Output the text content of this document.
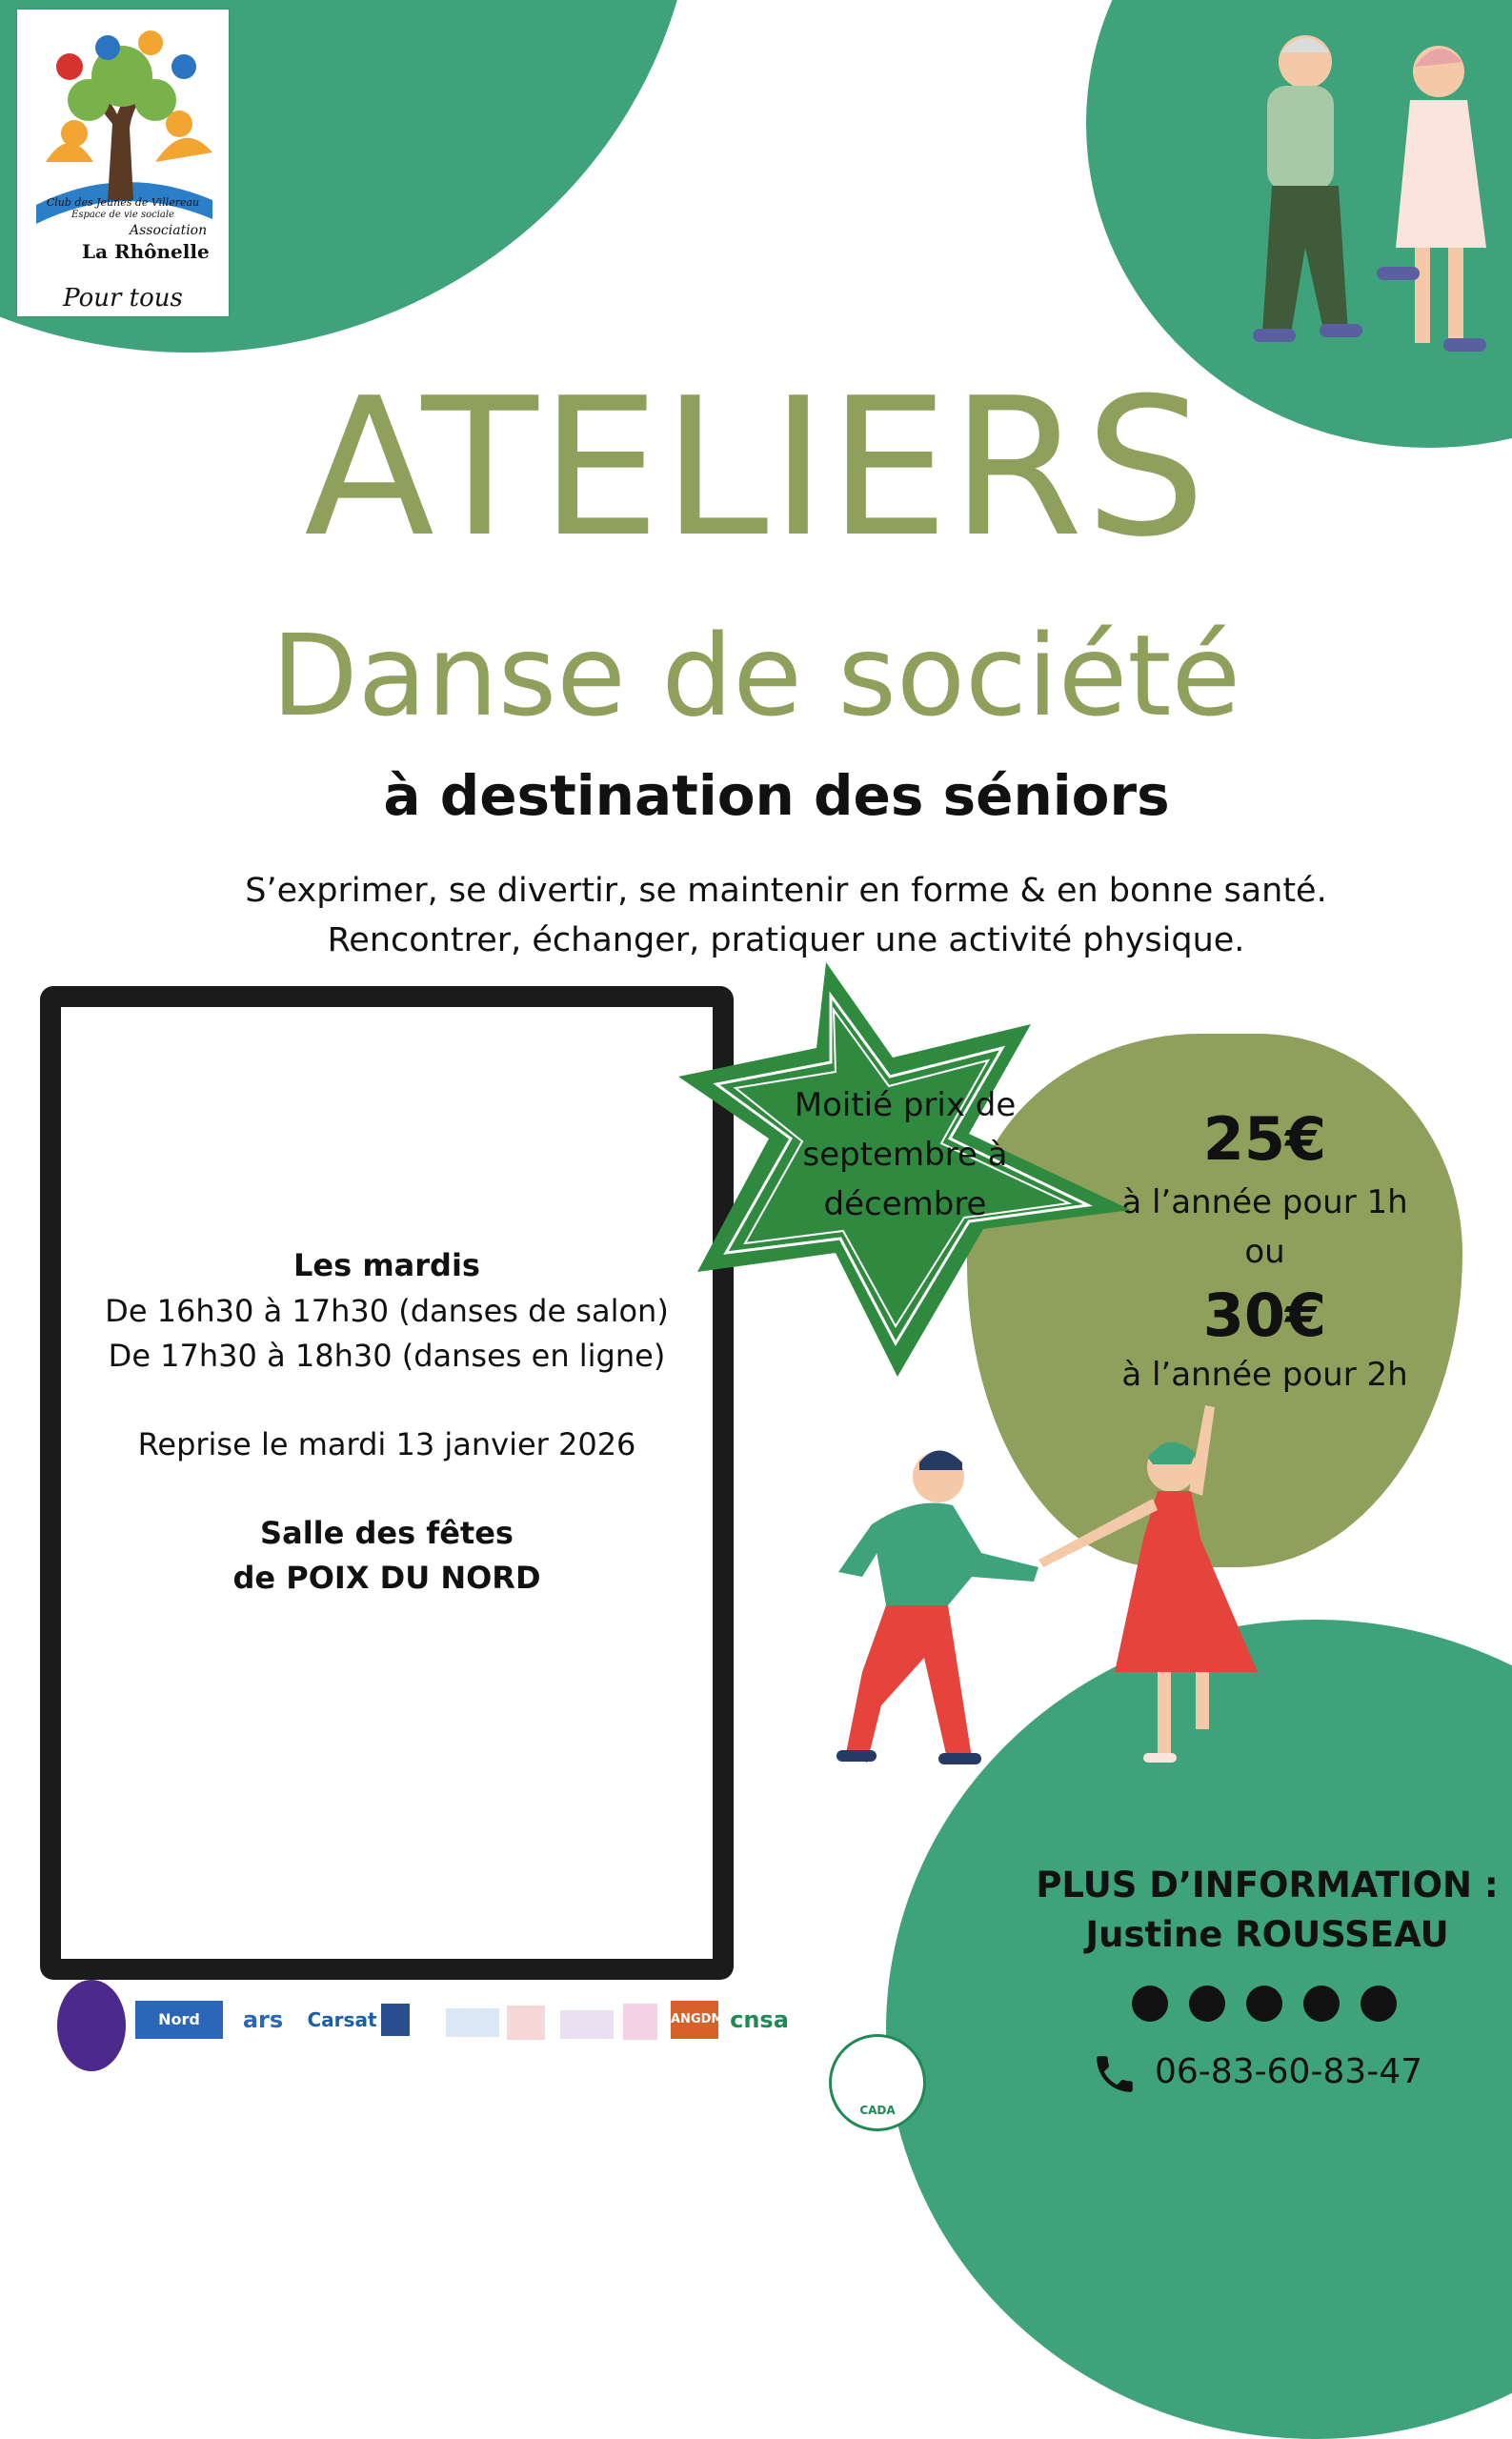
Club des Jeunes de Villereau
Espace de vie sociale
Association
La Rhônelle
Pour tous
ATELIERS
Danse de société
à destination des séniors
S’exprimer, se divertir, se maintenir en forme & en bonne santé.
Rencontrer, échanger, pratiquer une activité physique.
Les mardis
De 16h30 à 17h30 (danses de salon)
De 17h30 à 18h30 (danses en ligne)
Reprise le mardi 13 janvier 2026
Salle des fêtes
de POIX DU NORD
25€
à l’année pour 1h
ou
30€
à l’année pour 2h
Moitié prix de
septembre à
décembre
PLUS D’INFORMATION :
Justine ROUSSEAU
06-83-60-83-47
Nord	ars	Carsat	ANGDM cnsa
CADA
